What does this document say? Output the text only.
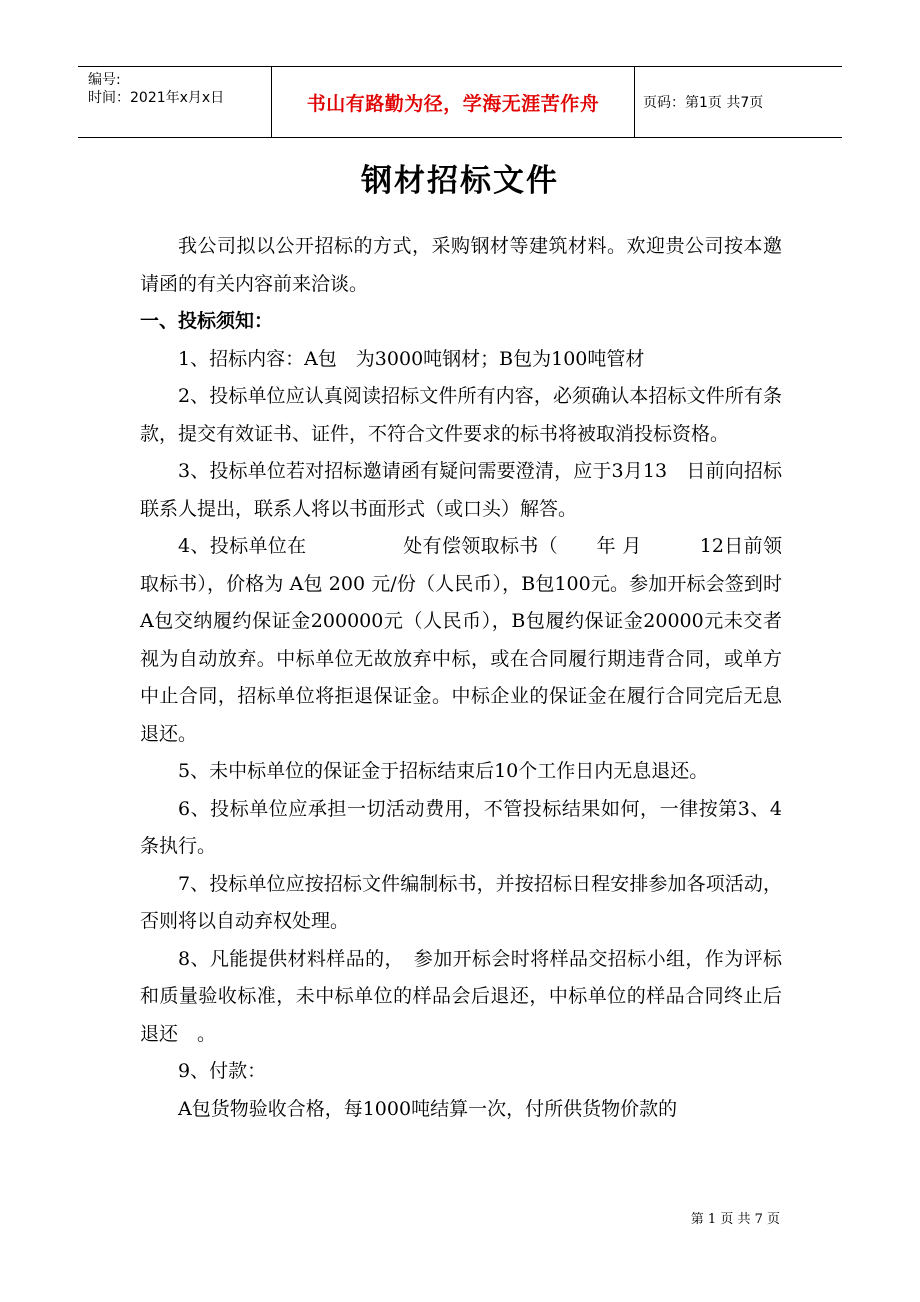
编号:
时间：2021年x月x日	书山有路勤为径，学海无涯苦作舟	页码：第1页 共7页
钢材招标文件

我公司拟以公开招标的方式，采购钢材等建筑材料。欢迎贵公司按本邀请函的有关内容前来洽谈。

一、投标须知：

1、招标内容：A包　为3000吨钢材；B包为100吨管材

2、投标单位应认真阅读招标文件所有内容，必须确认本招标文件所有条款，提交有效证书、证件，不符合文件要求的标书将被取消投标资格。

3、投标单位若对招标邀请函有疑问需要澄清，应于3月13　日前向招标联系人提出，联系人将以书面形式（或口头）解答。

4、投标单位在　　　　　处有偿领取标书（　　年 月　　　12日前领取标书），价格为 A包 200 元/份（人民币），B包100元。参加开标会签到时A包交纳履约保证金200000元（人民币），B包履约保证金20000元未交者视为自动放弃。中标单位无故放弃中标，或在合同履行期违背合同，或单方中止合同，招标单位将拒退保证金。中标企业的保证金在履行合同完后无息退还。

5、未中标单位的保证金于招标结束后10个工作日内无息退还。

6、投标单位应承担一切活动费用，不管投标结果如何，一律按第3、4条执行。

7、投标单位应按招标文件编制标书，并按招标日程安排参加各项活动，否则将以自动弃权处理。

8、凡能提供材料样品的，　参加开标会时将样品交招标小组，作为评标和质量验收标准，未中标单位的样品会后退还，中标单位的样品合同终止后退还　。

9、付款：

A包货物验收合格，每1000吨结算一次，付所供货物价款的

第 1 页 共 7 页
